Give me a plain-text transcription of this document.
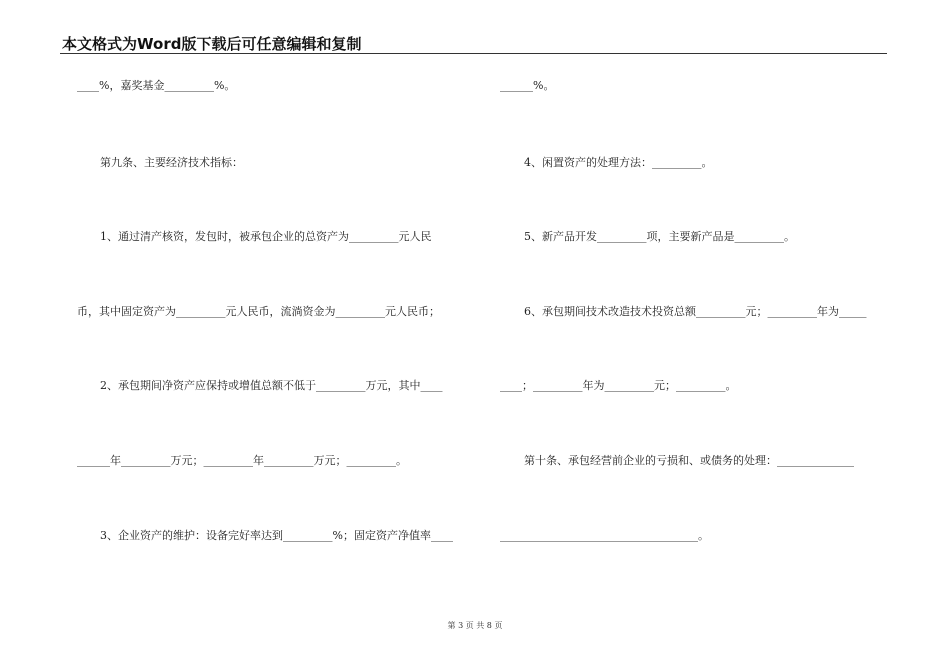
本文格式为Word版下载后可任意编辑和复制
____%，嘉奖基金_________%。
第九条、主要经济技术指标：
1、通过清产核资，发包时，被承包企业的总资产为_________元人民
币，其中固定资产为_________元人民币，流淌资金为_________元人民币；
2、承包期间净资产应保持或增值总额不低于_________万元，其中____
______年_________万元；_________年_________万元；_________。
3、企业资产的维护：设备完好率达到_________%；固定资产净值率____
______%。
4、闲置资产的处理方法：_________。
5、新产品开发_________项，主要新产品是_________。
6、承包期间技术改造技术投资总额_________元；_________年为_____
____；_________年为_________元；_________。
第十条、承包经营前企业的亏损和、或债务的处理：______________
____________________________________。
第 3 页 共 8 页
